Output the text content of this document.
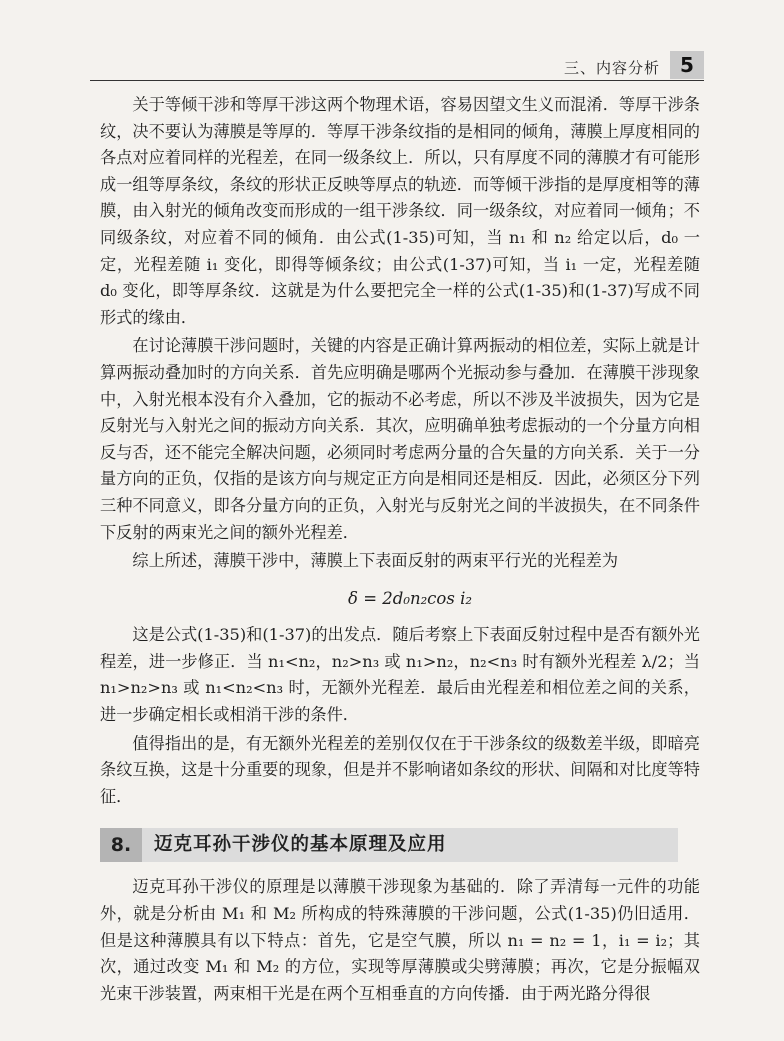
三、内容分析	5

关于等倾干涉和等厚干涉这两个物理术语，容易因望文生义而混淆．等厚干涉条纹，决不要认为薄膜是等厚的．等厚干涉条纹指的是相同的倾角，薄膜上厚度相同的各点对应着同样的光程差，在同一级条纹上．所以，只有厚度不同的薄膜才有可能形成一组等厚条纹，条纹的形状正反映等厚点的轨迹．而等倾干涉指的是厚度相等的薄膜，由入射光的倾角改变而形成的一组干涉条纹．同一级条纹，对应着同一倾角；不同级条纹，对应着不同的倾角．由公式(1-35)可知，当 n₁ 和 n₂ 给定以后，d₀ 一定，光程差随 i₁ 变化，即得等倾条纹；由公式(1-37)可知，当 i₁ 一定，光程差随 d₀ 变化，即等厚条纹．这就是为什么要把完全一样的公式(1-35)和(1-37)写成不同形式的缘由．

在讨论薄膜干涉问题时，关键的内容是正确计算两振动的相位差，实际上就是计算两振动叠加时的方向关系．首先应明确是哪两个光振动参与叠加．在薄膜干涉现象中，入射光根本没有介入叠加，它的振动不必考虑，所以不涉及半波损失，因为它是反射光与入射光之间的振动方向关系．其次，应明确单独考虑振动的一个分量方向相反与否，还不能完全解决问题，必须同时考虑两分量的合矢量的方向关系．关于一分量方向的正负，仅指的是该方向与规定正方向是相同还是相反．因此，必须区分下列三种不同意义，即各分量方向的正负，入射光与反射光之间的半波损失，在不同条件下反射的两束光之间的额外光程差．

综上所述，薄膜干涉中，薄膜上下表面反射的两束平行光的光程差为

δ = 2d₀n₂cos i₂

这是公式(1-35)和(1-37)的出发点．随后考察上下表面反射过程中是否有额外光程差，进一步修正．当 n₁<n₂，n₂>n₃ 或 n₁>n₂，n₂<n₃ 时有额外光程差 λ/2；当 n₁>n₂>n₃ 或 n₁<n₂<n₃ 时，无额外光程差．最后由光程差和相位差之间的关系，进一步确定相长或相消干涉的条件．

值得指出的是，有无额外光程差的差别仅仅在于干涉条纹的级数差半级，即暗亮条纹互换，这是十分重要的现象，但是并不影响诸如条纹的形状、间隔和对比度等特征．

8.	迈克耳孙干涉仪的基本原理及应用

迈克耳孙干涉仪的原理是以薄膜干涉现象为基础的．除了弄清每一元件的功能外，就是分析由 M₁ 和 M₂ 所构成的特殊薄膜的干涉问题，公式(1-35)仍旧适用．但是这种薄膜具有以下特点：首先，它是空气膜，所以 n₁ = n₂ = 1，i₁ = i₂；其次，通过改变 M₁ 和 M₂ 的方位，实现等厚薄膜或尖劈薄膜；再次，它是分振幅双光束干涉装置，两束相干光是在两个互相垂直的方向传播．由于两光路分得很
